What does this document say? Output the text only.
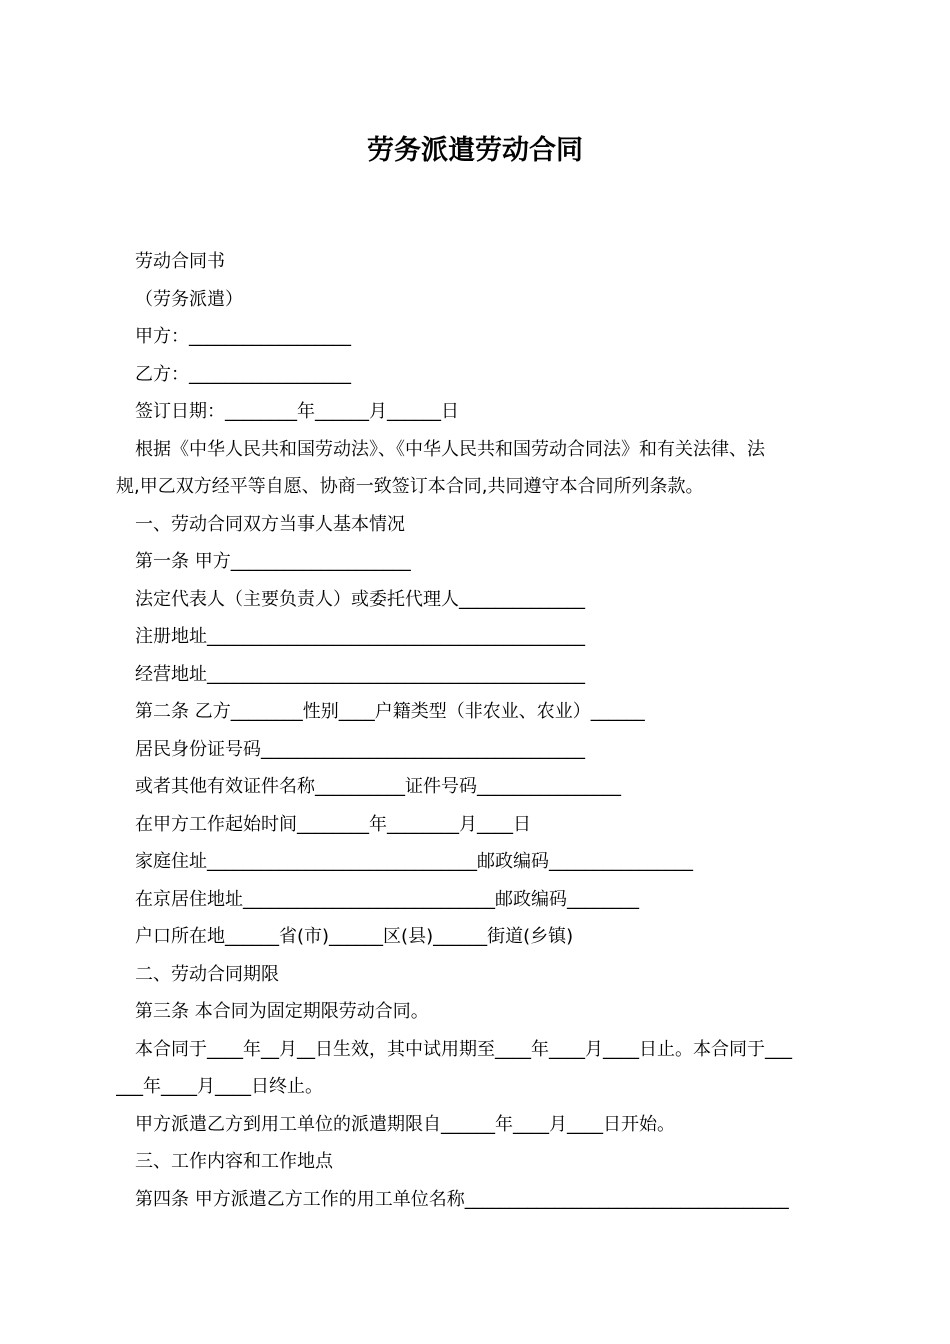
劳务派遣劳动合同
劳动合同书
（劳务派遣）
甲方：__________________
乙方：__________________
签订日期：________年______月______日
根据《中华人民共和国劳动法》、《中华人民共和国劳动合同法》和有关法律、法
规,甲乙双方经平等自愿、协商一致签订本合同,共同遵守本合同所列条款。
一、劳动合同双方当事人基本情况
第一条 甲方____________________
法定代表人（主要负责人）或委托代理人______________
注册地址__________________________________________
经营地址__________________________________________
第二条 乙方________性别____户籍类型（非农业、农业）______
居民身份证号码____________________________________
或者其他有效证件名称__________证件号码________________
在甲方工作起始时间________年________月____日
家庭住址______________________________邮政编码________________
在京居住地址____________________________邮政编码________
户口所在地______省(市)______区(县)______街道(乡镇)
二、劳动合同期限
第三条 本合同为固定期限劳动合同。
本合同于____年__月__日生效，其中试用期至____年____月____日止。本合同于___
___年____月____日终止。
甲方派遣乙方到用工单位的派遣期限自______年____月____日开始。
三、工作内容和工作地点
第四条 甲方派遣乙方工作的用工单位名称____________________________________
